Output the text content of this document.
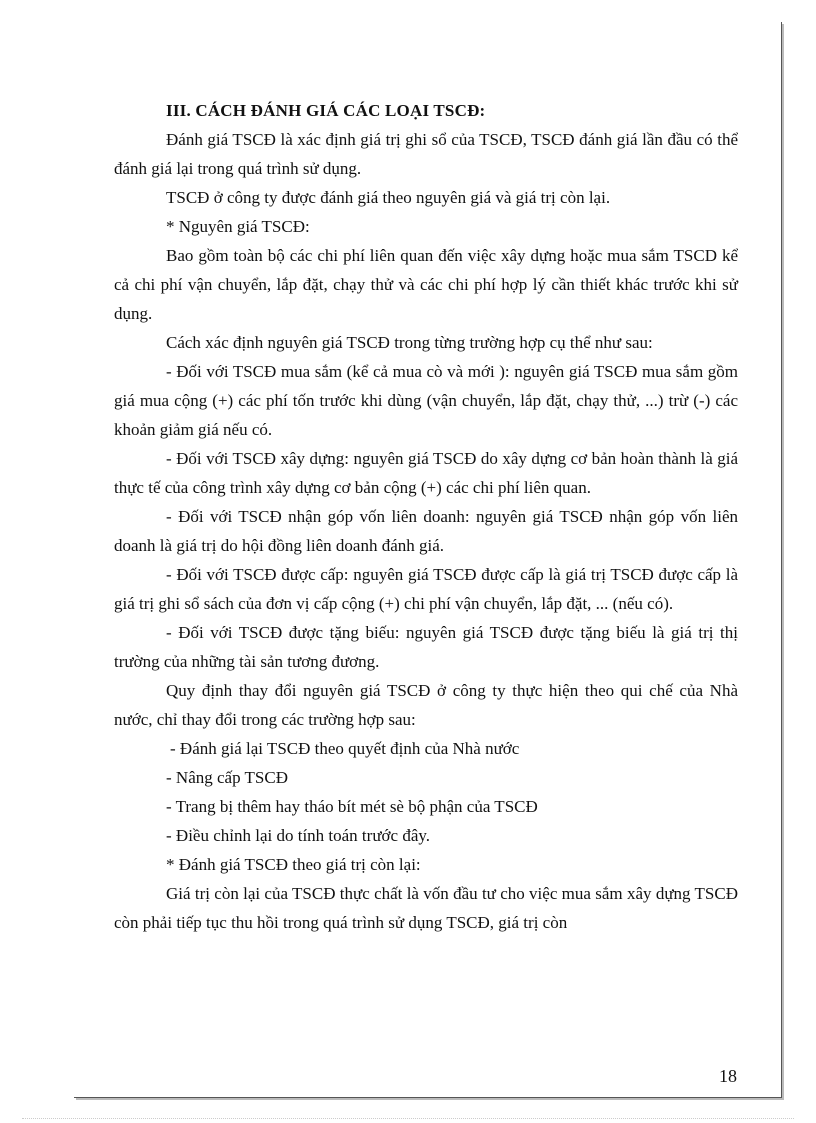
III. CÁCH ĐÁNH GIÁ CÁC LOẠI TSCĐ:

Đánh giá TSCĐ là xác định giá trị ghi sổ của TSCĐ, TSCĐ đánh giá lần đầu có thể đánh giá lại trong quá trình sử dụng.

TSCĐ ở công ty được đánh giá theo nguyên giá và giá trị còn lại.

* Nguyên giá TSCĐ:

Bao gồm toàn bộ các chi phí liên quan đến việc xây dựng hoặc mua sắm TSCD kể cả chi phí vận chuyển, lắp đặt, chạy thử và các chi phí hợp lý cần thiết khác trước khi sử dụng.

Cách xác định nguyên giá TSCĐ trong từng trường hợp cụ thể như sau:

- Đối với TSCĐ mua sắm (kể cả mua cò và mới ): nguyên giá TSCĐ mua sắm gồm giá mua cộng (+) các phí tốn trước khi dùng (vận chuyển, lắp đặt, chạy thử, ...) trừ (-) các khoản giảm giá nếu có.

- Đối với TSCĐ xây dựng: nguyên giá TSCĐ do xây dựng cơ bản hoàn thành là giá thực tế của công trình xây dựng cơ bản cộng (+) các chi phí liên quan.

- Đối với TSCĐ nhận góp vốn liên doanh: nguyên giá TSCĐ nhận góp vốn liên doanh là giá trị do hội đồng liên doanh đánh giá.

- Đối với TSCĐ được cấp: nguyên giá TSCĐ được cấp là giá trị TSCĐ được cấp là giá trị ghi sổ sách của đơn vị cấp cộng (+) chi phí vận chuyển, lắp đặt, ... (nếu có).

- Đối với TSCĐ được tặng biếu: nguyên giá TSCĐ được tặng biếu là giá trị thị trường của những tài sản tương đương.

Quy định thay đổi nguyên giá TSCĐ ở công ty thực hiện theo qui chế của Nhà nước, chỉ thay đổi trong các trường hợp sau:

- Đánh giá lại TSCĐ theo quyết định của Nhà nước

- Nâng cấp TSCĐ

- Trang bị thêm hay tháo bít mét sè bộ phận của TSCĐ

- Điều chỉnh lại do tính toán trước đây.

* Đánh giá TSCĐ theo giá trị còn lại:

Giá trị còn lại của TSCĐ thực chất là vốn đầu tư cho việc mua sắm xây dựng TSCĐ còn phải tiếp tục thu hồi trong quá trình sử dụng TSCĐ, giá trị còn

18
